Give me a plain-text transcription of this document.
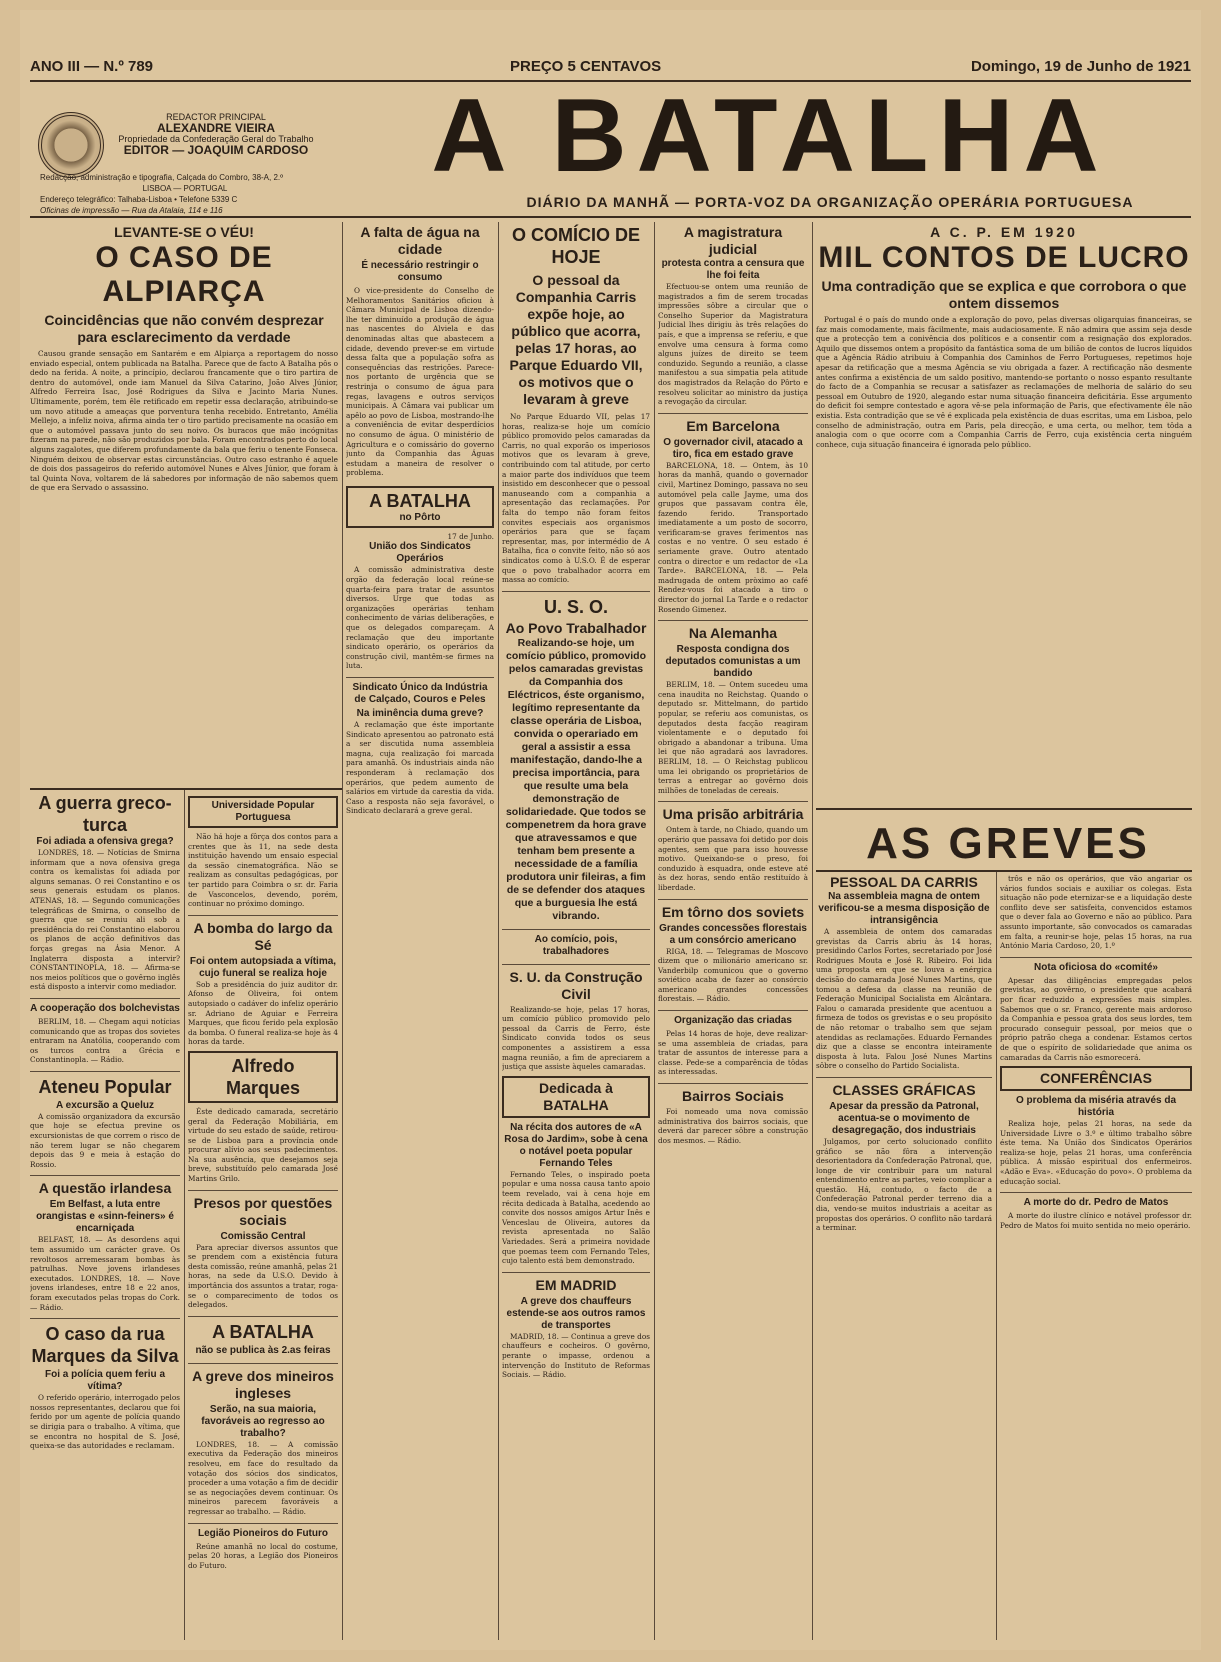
ANO III — N.º 789	PREÇO 5 CENTAVOS	Domingo, 19 de Junho de 1921
REDACTOR PRINCIPAL
ALEXANDRE VIEIRA
Propriedade da Confederação Geral do Trabalho
EDITOR — JOAQUIM CARDOSO
Redacção, administração e tipografia, Calçada do Combro, 38-A, 2.º
LISBOA — PORTUGAL
Endereço telegráfico: Talhaba-Lisboa • Telefone 5339 C
Oficinas de impressão — Rua da Atalaia, 114 e 116
A BATALHA
DIÁRIO DA MANHÃ — PORTA-VOZ DA ORGANIZAÇÃO OPERÁRIA PORTUGUESA
LEVANTE-SE O VÉU!
O CASO DE ALPIARÇA
Coincidências que não convém desprezar para esclarecimento da verdade

Causou grande sensação em Santarém e em Alpiarça a reportagem do nosso enviado especial, ontem publicada na Batalha. Parece que de facto A Batalha pôs o dedo na ferida. A noite, a princípio, declarou francamente que o tiro partira de dentro do automóvel, onde iam Manuel da Silva Catarino, João Alves Júnior, Alfredo Ferreira Isac, José Rodrigues da Silva e Jacinto Maria Nunes. Ultimamente, porém, tem êle retificado em repetir essa declaração, atribuindo-se um novo atitude a ameaças que porventura tenha recebido. Entretanto, Amélia Mellejo, a infeliz noiva, afirma ainda ter o tiro partido precisamente na ocasião em que o automóvel passava junto do seu noivo. Os buracos que mão incógnitas fizeram na parede, não são produzidos por bala. Foram encontrados perto do local alguns zagalotes, que diferem profundamente da bala que feriu o tenente Fonseca. Ninguém deixou de observar estas circunstâncias. Outro caso estranho é aquele de dois dos passageiros do referido automóvel Nunes e Alves Júnior, que foram à tal Quinta Nova, voltarem de lá sabedores por informação de não sabemos quem de que era Servado o assassino.

A guerra greco-turca
Foi adiada a ofensiva grega?

LONDRES, 18. — Notícias de Smirna informam que a nova ofensiva grega contra os kemalistas foi adiada por alguns semanas. O rei Constantino e os seus generais estudam os planos. ATENAS, 18. — Segundo comunicações telegráficas de Smirna, o conselho de guerra que se reuniu ali sob a presidência do rei Constantino elaborou os planos de acção definitivos das forças gregas na Ásia Menor. A Inglaterra disposta a intervir? CONSTANTINOPLA, 18. — Afirma-se nos meios políticos que o govêrno inglês está disposto a intervir como mediador.

A cooperação dos bolchevistas

BERLIM, 18. — Chegam aqui notícias comunicando que as tropas dos sovietes entraram na Anatólia, cooperando com os turcos contra a Grécia e Constantinopla. — Rádio.

Ateneu Popular
A excursão a Queluz

A comissão organizadora da excursão que hoje se efectua previne os excursionistas de que correm o risco de não terem lugar se não chegarem depois das 9 e meia à estação do Rossio.

A questão irlandesa
Em Belfast, a luta entre orangistas e «sinn-feiners» é encarniçada

BELFAST, 18. — As desordens aqui tem assumido um carácter grave. Os revoltosos arremessaram bombas às patrulhas. Nove jovens irlandeses executados. LONDRES, 18. — Nove jovens irlandeses, entre 18 e 22 anos, foram executados pelas tropas do Cork. — Rádio.

O caso da rua Marques da Silva
Foi a polícia quem feriu a vítima?

O referido operário, interrogado pelos nossos representantes, declarou que foi ferido por um agente de polícia quando se dirigia para o trabalho. A vítima, que se encontra no hospital de S. José, queixa-se das autoridades e reclamam.

Universidade Popular Portuguesa

Não há hoje a fôrça dos contos para a crentes que às 11, na sede desta instituição havendo um ensaio especial da sessão cinematográfica. Não se realizam as consultas pedagógicas, por ter partido para Coimbra o sr. dr. Faria de Vasconcelos, devendo, porém, continuar no próximo domingo.

A bomba do largo da Sé
Foi ontem autopsiada a vítima, cujo funeral se realiza hoje

Sob a presidência do juiz auditor dr. Afonso de Oliveira, foi ontem autopsiado o cadáver do infeliz operário sr. Adriano de Aguiar e Ferreira Marques, que ficou ferido pela explosão da bomba. O funeral realiza-se hoje às 4 horas da tarde.

Alfredo Marques

Éste dedicado camarada, secretário geral da Federação Mobiliária, em virtude do seu estado de saúde, retirou-se de Lisboa para a província onde procurar alívio aos seus padecimentos. Na sua ausência, que desejamos seja breve, substituído pelo camarada José Martins Grilo.

Presos por questões sociais
Comissão Central

Para apreciar diversos assuntos que se prendem com a existência futura desta comissão, reúne amanhã, pelas 21 horas, na sede da U.S.O. Devido à importância dos assuntos a tratar, roga-se o comparecimento de todos os delegados.

A BATALHA
não se publica às 2.as feiras
A greve dos mineiros ingleses
Serão, na sua maioria, favoráveis ao regresso ao trabalho?

LONDRES, 18. — A comissão executiva da Federação dos mineiros resolveu, em face do resultado da votação dos sócios dos sindicatos, proceder a uma votação a fim de decidir se as negociações devem continuar. Os mineiros parecem favoráveis a regressar ao trabalho. — Rádio.

Legião Pioneiros do Futuro

Reúne amanhã no local do costume, pelas 20 horas, a Legião dos Pioneiros do Futuro.

A falta de água na cidade
É necessário restringir o consumo

O vice-presidente do Conselho de Melhoramentos Sanitários oficiou à Câmara Municipal de Lisboa dizendo-lhe ter diminuído a produção de água nas nascentes do Alviela e das denominadas altas que abastecem a cidade, devendo prever-se em virtude dessa falta que a população sofra as consequências das restrições. Parece-nos portanto de urgência que se restrinja o consumo de água para regas, lavagens e outros serviços municipais. A Câmara vai publicar um apêlo ao povo de Lisboa, mostrando-lhe a conveniência de evitar desperdícios no consumo de água. O ministério de Agricultura e o comissário do governo junto da Companhia das Águas estudam a maneira de resolver o problema.

A BATALHA
no Pôrto
17 de Junho.
União dos Sindicatos Operários

A comissão administrativa deste orgão da federação local reúne-se quarta-feira para tratar de assuntos diversos. Urge que todas as organizações operárias tenham conhecimento de várias deliberações, e que os delegados compareçam. A reclamação que deu importante sindicato operário, os operários da construção civil, mantêm-se firmes na luta.

Sindicato Único da Indústria de Calçado, Couros e Peles
Na iminência duma greve?

A reclamação que éste importante Sindicato apresentou ao patronato está a ser discutida numa assembleia magna, cuja realização foi marcada para amanhã. Os industriais ainda não responderam à reclamação dos operários, que pedem aumento de salários em virtude da carestia da vida. Caso a resposta não seja favorável, o Sindicato declarará a greve geral.

O COMÍCIO DE HOJE
O pessoal da Companhia Carris expõe hoje, ao público que acorra, pelas 17 horas, ao Parque Eduardo VII, os motivos que o levaram à greve

No Parque Eduardo VII, pelas 17 horas, realiza-se hoje um comício público promovido pelos camaradas da Carris, no qual exporão os imperiosos motivos que os levaram à greve, contribuindo com tal atitude, por certo a maior parte dos indivíduos que teem insistido em desconhecer que o pessoal manuseando com a companhia a apresentação das reclamações. Por falta do tempo não foram feitos convites especiais aos organismos operários para que se façam representar, mas, por intermédio de A Batalha, fica o convite feito, não só aos sindicatos como à U.S.O. É de esperar que o povo trabalhador acorra em massa ao comício.

U. S. O.
Ao Povo Trabalhador
Realizando-se hoje, um comício público, promovido pelos camaradas grevistas da Companhia dos Eléctricos, éste organismo, legítimo representante da classe operária de Lisboa, convida o operariado em geral a assistir a essa manifestação, dando-lhe a precisa importância, para que resulte uma bela demonstração de solidariedade. Que todos se compenetrem da hora grave que atravessamos e que tenham bem presente a necessidade de a família produtora unir fileiras, a fim de se defender dos ataques que a burguesia lhe está vibrando.
Ao comício, pois, trabalhadores
S. U. da Construção Civil

Realizando-se hoje, pelas 17 horas, um comício público promovido pelo pessoal da Carris de Ferro, éste Sindicato convida todos os seus componentes a assistirem a essa magna reunião, a fim de apreciarem a justiça que assiste àqueles camaradas.

Dedicada à BATALHA
Na récita dos autores de «A Rosa do Jardim», sobe à cena o notável poeta popular Fernando Teles

Fernando Teles, o inspirado poeta popular e uma nossa causa tanto apoio teem revelado, vai à cena hoje em récita dedicada à Batalha, acedendo ao convite dos nossos amigos Artur Inês e Venceslau de Oliveira, autores da revista apresentada no Salão Variedades. Será a primeira novidade que poemas teem com Fernando Teles, cujo talento está bem demonstrado.

EM MADRID
A greve dos chauffeurs estende-se aos outros ramos de transportes

MADRID, 18. — Continua a greve dos chauffeurs e cocheiros. O govêrno, perante o impasse, ordenou a intervenção do Instituto de Reformas Sociais. — Rádio.

A magistratura judicial
protesta contra a censura que lhe foi feita

Efectuou-se ontem uma reunião de magistrados a fim de serem trocadas impressões sôbre a circular que o Conselho Superior da Magistratura Judicial lhes dirigiu às três relações do país, e que a imprensa se referiu, e que envolve uma censura à forma como alguns juízes de direito se teem conduzido. Segundo a reunião, a classe manifestou a sua simpatia pela atitude dos magistrados da Relação do Pôrto e resolveu solicitar ao ministro da justiça a revogação da circular.

Em Barcelona
O governador civil, atacado a tiro, fica em estado grave

BARCELONA, 18. — Ontem, às 10 horas da manhã, quando o governador civil, Martinez Domingo, passava no seu automóvel pela calle Jayme, uma dos grupos que passavam contra êle, fazendo ferido. Transportado imediatamente a um posto de socorro, verificaram-se graves ferimentos nas costas e no ventre. O seu estado é seriamente grave. Outro atentado contra o director e um redactor de «La Tarde». BARCELONA, 18. — Pela madrugada de ontem pròximo ao café Rendez-vous foi atacado a tiro o director do jornal La Tarde e o redactor Rosendo Gimenez.

Na Alemanha
Resposta condigna dos deputados comunistas a um bandido

BERLIM, 18. — Ontem sucedeu uma cena inaudita no Reichstag. Quando o deputado sr. Mittelmann, do partido popular, se referiu aos comunistas, os deputados desta facção reagiram violentamente e o deputado foi obrigado a abandonar a tribuna. Uma lei que não agradará aos lavradores. BERLIM, 18. — O Reichstag publicou uma lei obrigando os proprietários de terras a entregar ao govêrno dois milhões de toneladas de cereais.

Uma prisão arbitrária

Ontem à tarde, no Chiado, quando um operário que passava foi detido por dois agentes, sem que para isso houvesse motivo. Queixando-se o preso, foi conduzido à esquadra, onde esteve até às dez horas, sendo então restituído à liberdade.

Em tôrno dos soviets
Grandes concessões florestais a um consórcio americano

RIGA, 18. — Telegramas de Moscovo dizem que o milionário americano sr. Vanderbilp comunicou que o governo soviético acaba de fazer ao consórcio americano grandes concessões florestais. — Rádio.

Organização das criadas

Pelas 14 horas de hoje, deve realizar-se uma assembleia de criadas, para tratar de assuntos de interesse para a classe. Pede-se a comparência de tôdas as interessadas.

Bairros Sociais

Foi nomeado uma nova comissão administrativa dos bairros sociais, que deverá dar parecer sôbre a construção dos mesmos. — Rádio.

A C. P. EM 1920
MIL CONTOS DE LUCRO
Uma contradição que se explica e que corrobora o que ontem dissemos

Portugal é o país do mundo onde a exploração do povo, pelas diversas oligarquias financeiras, se faz mais comodamente, mais fàcilmente, mais audaciosamente. E não admira que assim seja desde que a protecção tem a conivência dos políticos e a consentir com a resignação dos explorados. Aquilo que dissemos ontem a propósito da fantástica soma de um bilião de contos de lucros líquidos que a Agência Rádio atribuiu à Companhia dos Caminhos de Ferro Portugueses, repetimos hoje apesar da retificação que a mesma Agência se viu obrigada a fazer. A rectificação não desmente antes confirma a existência de um saldo positivo, mantendo-se portanto o nosso espanto resultante do facto de a Companhia se recusar a satisfazer as reclamações de melhoria de salário do seu pessoal em Outubro de 1920, alegando estar numa situação financeira deficitária. Esse argumento do deficit foi sempre contestado e agora vê-se pela informação de Paris, que efectivamente êle não existia. Esta contradição que se vê é explicada pela existência de duas escritas, uma em Lisboa, pelo conselho de administração, outra em Paris, pela direcção, e uma certa, ou melhor, tem tôda a analogia com o que ocorre com a Companhia Carris de Ferro, cuja existência certa ninguém conhece, cuja situação financeira é ignorada pelo público.

AS GREVES
PESSOAL DA CARRIS
Na assembleia magna de ontem verificou-se a mesma disposição de intransigência

A assembleia de ontem dos camaradas grevistas da Carris abriu às 14 horas, presidindo Carlos Fortes, secretariado por José Rodrigues Mouta e José R. Ribeiro. Foi lida uma proposta em que se louva a enérgica decisão do camarada José Nunes Martins, que tomou a defesa da classe na reunião de Federação Municipal Socialista em Alcântara. Falou o camarada presidente que acentuou a firmeza de todos os grevistas e o seu propósito de não retomar o trabalho sem que sejam atendidas as reclamações. Eduardo Fernandes diz que a classe se encontra inteiramente disposta à luta. Falou José Nunes Martins sôbre o conselho do Partido Socialista.

CLASSES GRÁFICAS
Apesar da pressão da Patronal, acentua-se o movimento de desagregação, dos industriais

Julgamos, por certo solucionado conflito gráfico se não fôra a intervenção desorientadora da Confederação Patronal, que, longe de vir contribuir para um natural entendimento entre as partes, veio complicar a questão. Há, contudo, o facto de a Confederação Patronal perder terreno dia a dia, vendo-se muitos industriais a aceitar as propostas dos operários. O conflito não tardará a terminar.

trôs e não os operários, que vão angariar os vários fundos sociais e auxiliar os colegas. Esta situação não pode eternizar-se e a liquidação deste conflito deve ser satisfeita, convencidos estamos que o dever fala ao Governo e não ao público. Para assunto importante, são convocados os camaradas em falta, a reunir-se hoje, pelas 15 horas, na rua António Maria Cardoso, 20, 1.º

Nota oficiosa do «comité»

Apesar das diligências empregadas pelos grevistas, ao govêrno, o presidente que acabará por ficar reduzido a expressões mais simples. Sabemos que o sr. Franco, gerente mais ardoroso da Companhia e pessoa grata dos seus lordes, tem procurado conseguir pessoal, por meios que o próprio patrão chega a condenar. Estamos certos de que o espírito de solidariedade que anima os camaradas da Carris não esmorecerá.

CONFERÊNCIAS
O problema da miséria através da história

Realiza hoje, pelas 21 horas, na sede da Universidade Livre o 3.º e último trabalho sôbre éste tema. Na União dos Sindicatos Operários realiza-se hoje, pelas 21 horas, uma conferência pública. A missão espiritual dos enfermeiros. «Adão e Eva». «Educação do povo». O problema da educação social.

A morte do dr. Pedro de Matos

A morte do ilustre clínico e notável professor dr. Pedro de Matos foi muito sentida no meio operário.
